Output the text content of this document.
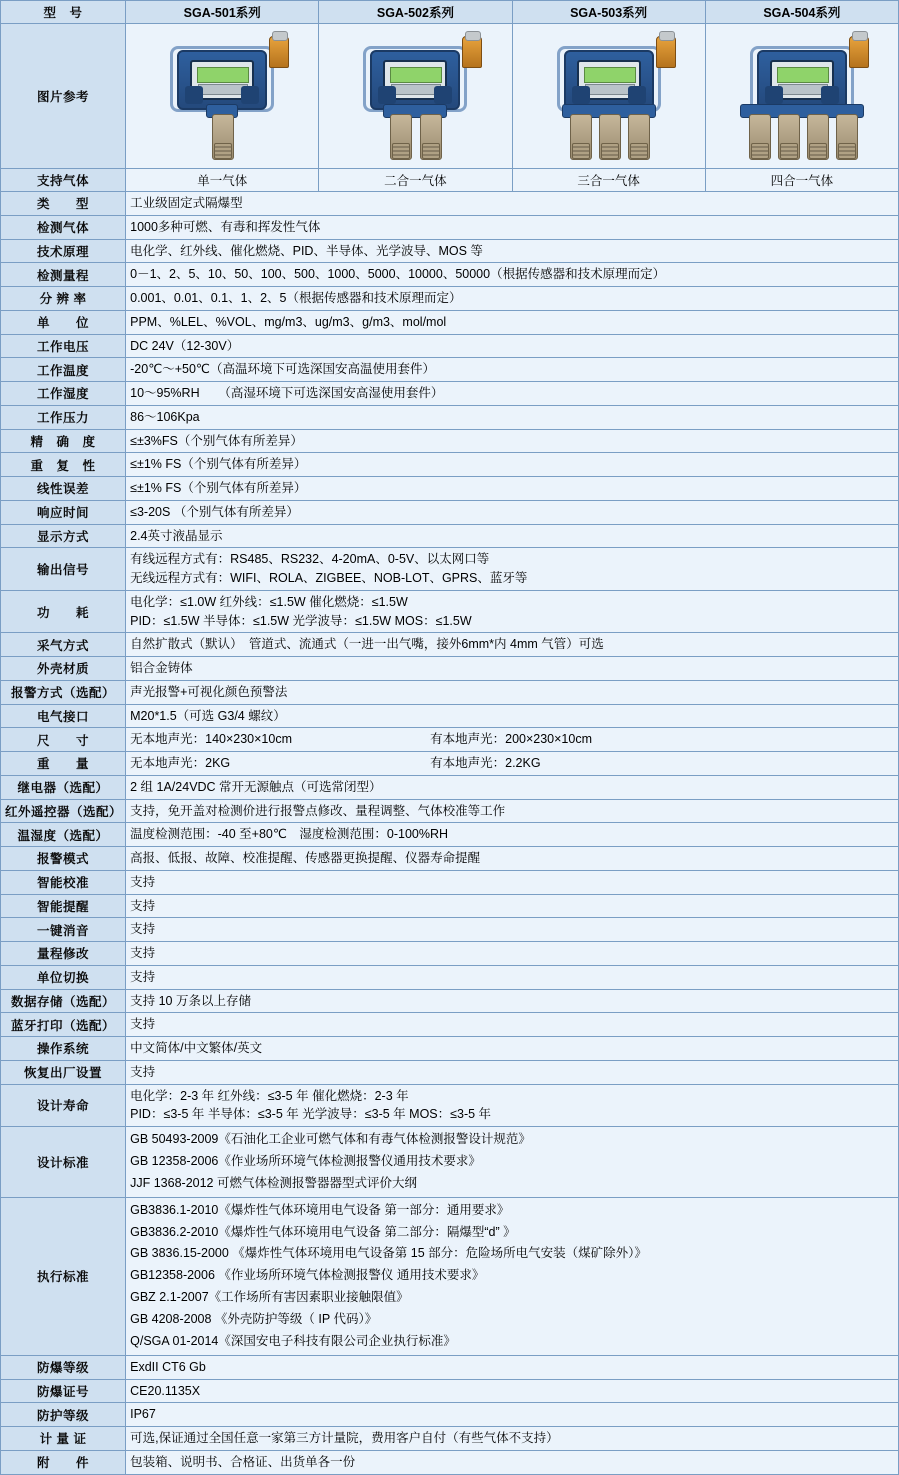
型　号	SGA-501系列	SGA-502系列	SGA-503系列	SGA-504系列
图片参考	

支持气体	单一气体	二合一气体	三合一气体	四合一气体
类　　型	工业级固定式隔爆型			
检测气体	1000多种可燃、有毒和挥发性气体			
技术原理	电化学、红外线、催化燃烧、PID、半导体、光学波导、MOS 等			
检测量程	0－1、2、5、10、50、100、500、1000、5000、10000、50000（根据传感器和技术原理而定）			
分 辨 率	0.001、0.01、0.1、1、2、5（根据传感器和技术原理而定）			
单　　位	PPM、%LEL、%VOL、mg/m3、ug/m3、g/m3、mol/mol			
工作电压	DC 24V（12-30V）			
工作温度	-20℃～+50℃（高温环境下可选深国安高温使用套件）			
工作湿度	10～95%RH　　（高湿环境下可选深国安高湿使用套件）			
工作压力	86～106Kpa			
精　确　度	≤±3%FS（个别气体有所差异）			
重　复　性	≤±1% FS（个别气体有所差异）			
线性误差	≤±1% FS（个别气体有所差异）			
响应时间	≤3-20S （个别气体有所差异）			
显示方式	2.4英寸液晶显示			
输出信号	有线远程方式有：RS485、RS232、4-20mA、0-5V、以太网口等
无线远程方式有：WIFI、ROLA、ZIGBEE、NOB-LOT、GPRS、蓝牙等			

功　　耗	电化学：≤1.0W 红外线：≤1.5W 催化燃烧：≤1.5W
PID：≤1.5W 半导体：≤1.5W 光学波导：≤1.5W MOS：≤1.5W			

采气方式	自然扩散式（默认）　管道式、流通式（一进一出气嘴，接外6mm*内 4mm 气管）可选			
外壳材质	铝合金铸体			
报警方式（选配）	声光报警+可视化颜色预警法			
电气接口	M20*1.5（可选 G3/4 螺纹）			
尺　　寸	无本地声光：140×230×10cm 有本地声光：200×230×10cm			
重　　量	无本地声光：2KG 有本地声光：2.2KG			
继电器（选配）	2 组 1A/24VDC 常开无源触点（可选常闭型）			
红外遥控器（选配）	支持，免开盖对检测价进行报警点修改、量程调整、气体校准等工作			
温湿度（选配）	温度检测范围：-40 至+80℃　湿度检测范围：0-100%RH			
报警模式	高报、低报、故障、校准提醒、传感器更换提醒、仪器寿命提醒			
智能校准	支持			
智能提醒	支持			
一键消音	支持			
量程修改	支持			
单位切换	支持			
数据存储（选配）	支持 10 万条以上存储			
蓝牙打印（选配）	支持			
操作系统	中文简体/中文繁体/英文			
恢复出厂设置	支持			
设计寿命	电化学：2-3 年 红外线：≤3-5 年 催化燃烧：2-3 年
PID：≤3-5 年 半导体：≤3-5 年 光学波导：≤3-5 年 MOS：≤3-5 年			

设计标准	GB 50493-2009《石油化工企业可燃气体和有毒气体检测报警设计规范》
GB 12358-2006《作业场所环境气体检测报警仪通用技术要求》
JJF 1368-2012 可燃气体检测报警器器型式评价大纲			

执行标准	
GB3836.1-2010《爆炸性气体环境用电气设备 第一部分：通用要求》
GB3836.2-2010《爆炸性气体环境用电气设备 第二部分：隔爆型“d” 》
GB 3836.15-2000 《爆炸性气体环境用电气设备第 15 部分：危险场所电气安装（煤矿除外）》
GB12358-2006 《作业场所环境气体检测报警仪 通用技术要求》
GBZ 2.1-2007《工作场所有害因素职业接触限值》
GB 4208-2008 《外壳防护等级（ IP 代码）》
Q/SGA 01-2014《深国安电子科技有限公司企业执行标准》

防爆等级	ExdII CT6 Gb			
防爆证号	CE20.1135X			
防护等级	IP67			
计 量 证	可选,保证通过全国任意一家第三方计量院，费用客户自付（有些气体不支持）			
附　　件	包装箱、说明书、合格证、出货单各一份			
